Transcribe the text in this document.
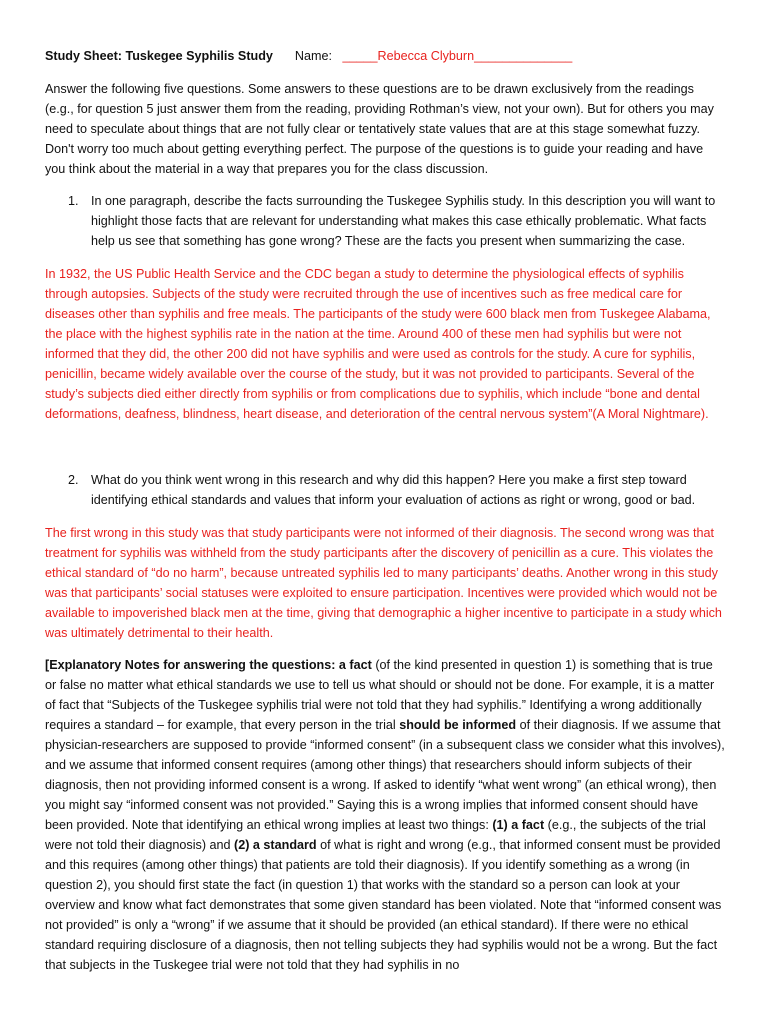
Study Sheet: Tuskegee Syphilis Study Name: _____Rebecca Clyburn______________

Answer the following five questions. Some answers to these questions are to be drawn exclusively from the readings (e.g., for question 5 just answer them from the reading, providing Rothman’s view, not your own). But for others you may need to speculate about things that are not fully clear or tentatively state values that are at this stage somewhat fuzzy. Don't worry too much about getting everything perfect. The purpose of the questions is to guide your reading and have you think about the material in a way that prepares you for the class discussion.

1. In one paragraph, describe the facts surrounding the Tuskegee Syphilis study. In this description you will want to highlight those facts that are relevant for understanding what makes this case ethically problematic. What facts help us see that something has gone wrong? These are the facts you present when summarizing the case.

In 1932, the US Public Health Service and the CDC began a study to determine the physiological effects of syphilis through autopsies. Subjects of the study were recruited through the use of incentives such as free medical care for diseases other than syphilis and free meals. The participants of the study were 600 black men from Tuskegee Alabama, the place with the highest syphilis rate in the nation at the time. Around 400 of these men had syphilis but were not informed that they did, the other 200 did not have syphilis and were used as controls for the study. A cure for syphilis, penicillin, became widely available over the course of the study, but it was not provided to participants. Several of the study’s subjects died either directly from syphilis or from complications due to syphilis, which include “bone and dental deformations, deafness, blindness, heart disease, and deterioration of the central nervous system”(A Moral Nightmare).

2. What do you think went wrong in this research and why did this happen? Here you make a first step toward identifying ethical standards and values that inform your evaluation of actions as right or wrong, good or bad.

The first wrong in this study was that study participants were not informed of their diagnosis. The second wrong was that treatment for syphilis was withheld from the study participants after the discovery of penicillin as a cure. This violates the ethical standard of “do no harm”, because untreated syphilis led to many participants’ deaths. Another wrong in this study was that participants’ social statuses were exploited to ensure participation. Incentives were provided which would not be available to impoverished black men at the time, giving that demographic a higher incentive to participate in a study which was ultimately detrimental to their health.

[Explanatory Notes for answering the questions: a fact (of the kind presented in question 1) is something that is true or false no matter what ethical standards we use to tell us what should or should not be done. For example, it is a matter of fact that “Subjects of the Tuskegee syphilis trial were not told that they had syphilis.” Identifying a wrong additionally requires a standard – for example, that every person in the trial should be informed of their diagnosis. If we assume that physician-researchers are supposed to provide “informed consent” (in a subsequent class we consider what this involves), and we assume that informed consent requires (among other things) that researchers should inform subjects of their diagnosis, then not providing informed consent is a wrong. If asked to identify “what went wrong” (an ethical wrong), then you might say “informed consent was not provided.” Saying this is a wrong implies that informed consent should have been provided. Note that identifying an ethical wrong implies at least two things: (1) a fact (e.g., the subjects of the trial were not told their diagnosis) and (2) a standard of what is right and wrong (e.g., that informed consent must be provided and this requires (among other things) that patients are told their diagnosis). If you identify something as a wrong (in question 2), you should first state the fact (in question 1) that works with the standard so a person can look at your overview and know what fact demonstrates that some given standard has been violated. Note that “informed consent was not provided” is only a “wrong” if we assume that it should be provided (an ethical standard). If there were no ethical standard requiring disclosure of a diagnosis, then not telling subjects they had syphilis would not be a wrong. But the fact that subjects in the Tuskegee trial were not told that they had syphilis in no
